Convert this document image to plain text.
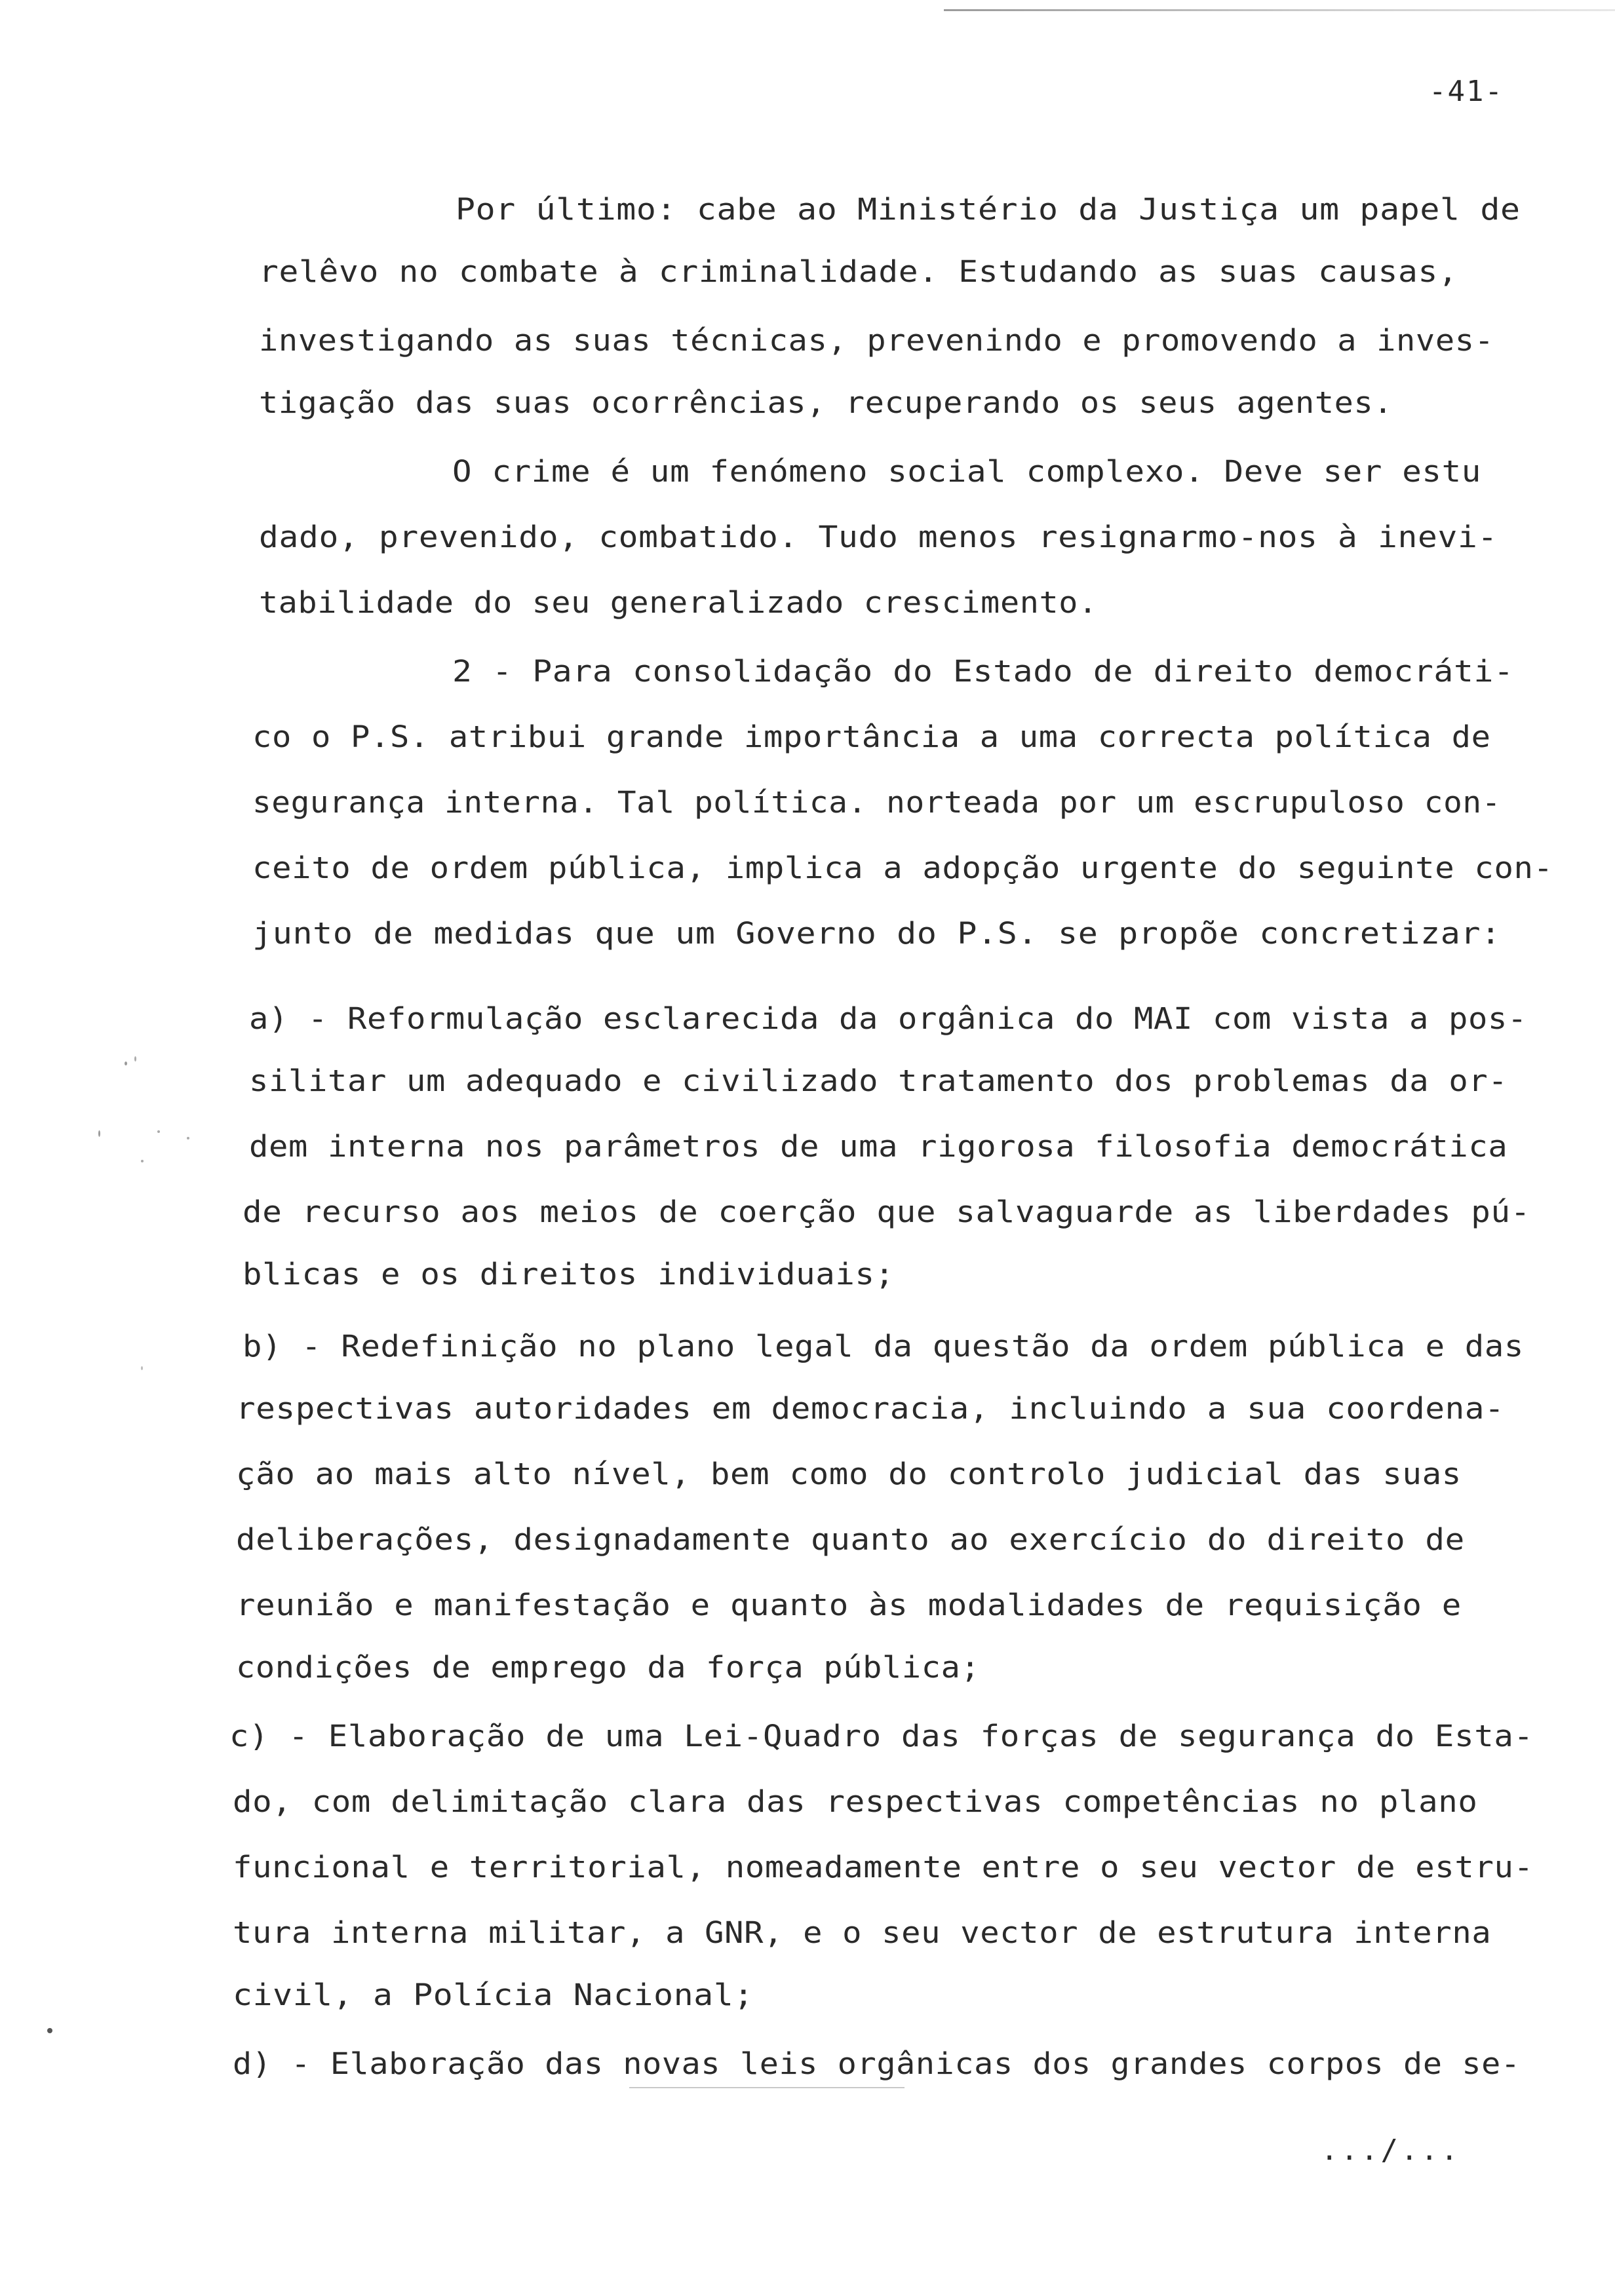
-41-
Por último: cabe ao Ministério da Justiça um papel de
relêvo no combate à criminalidade. Estudando as suas causas,
investigando as suas técnicas, prevenindo e promovendo a inves-
tigação das suas ocorrências, recuperando os seus agentes.
O crime é um fenómeno social complexo. Deve ser estu
dado, prevenido, combatido. Tudo menos resignarmo-nos à inevi-
tabilidade do seu generalizado crescimento.
2 - Para consolidação do Estado de direito democráti-
co o P.S. atribui grande importância a uma correcta política de
segurança interna. Tal política. norteada por um escrupuloso con-
ceito de ordem pública, implica a adopção urgente do seguinte con-
junto de medidas que um Governo do P.S. se propõe concretizar:
a) - Reformulação esclarecida da orgânica do MAI com vista a pos-
silitar um adequado e civilizado tratamento dos problemas da or-
dem interna nos parâmetros de uma rigorosa filosofia democrática
de recurso aos meios de coerção que salvaguarde as liberdades pú-
blicas e os direitos individuais;
b) - Redefinição no plano legal da questão da ordem pública e das
respectivas autoridades em democracia, incluindo a sua coordena-
ção ao mais alto nível, bem como do controlo judicial das suas
deliberações, designadamente quanto ao exercício do direito de
reunião e manifestação e quanto às modalidades de requisição e
condições de emprego da força pública;
c) - Elaboração de uma Lei-Quadro das forças de segurança do Esta-
do, com delimitação clara das respectivas competências no plano
funcional e territorial, nomeadamente entre o seu vector de estru-
tura interna militar, a GNR, e o seu vector de estrutura interna
civil, a Polícia Nacional;
d) - Elaboração das novas leis orgânicas dos grandes corpos de se-
.../...
